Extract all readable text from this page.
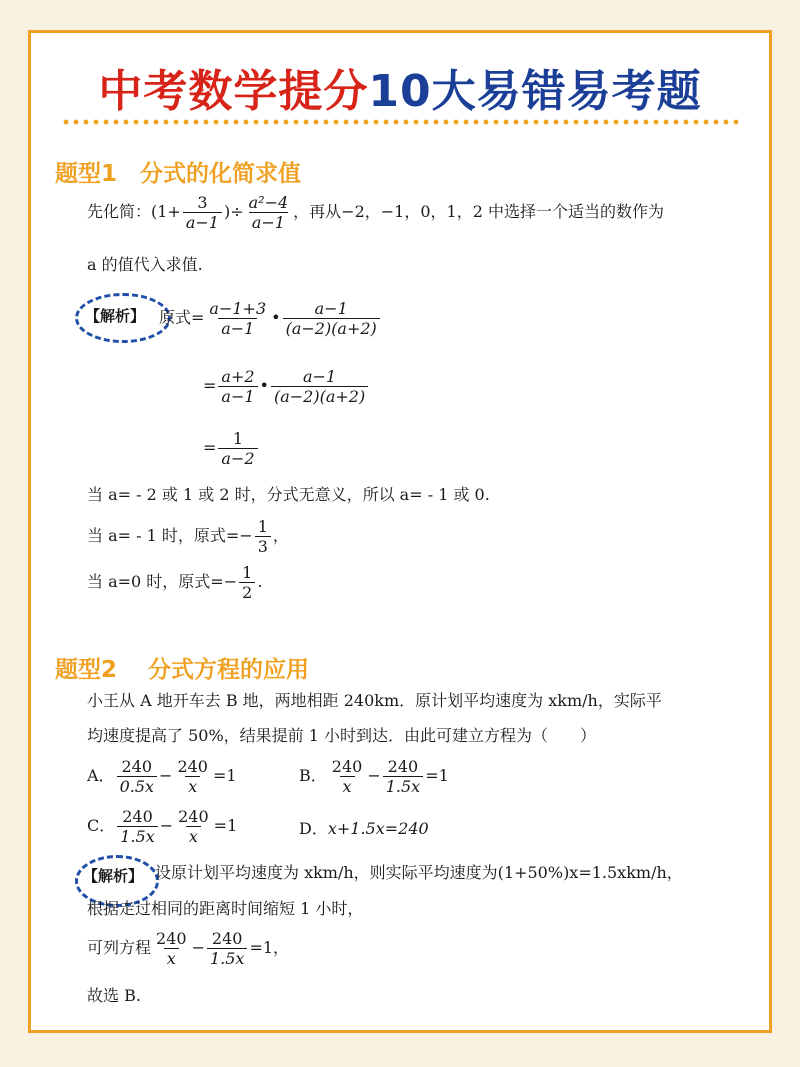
中考数学提分10大易错易考题
题型1　分式的化简求值
先化简：($1+ \frac{3}{a-1}$ )÷ $\frac{\text{a²−4}}{a-1}$ ，再从−2，−1，0，1，2 中选择一个适当的数作为
a 的值代入求值.
【解析】 原式= $\frac{a-1+3}{a-1}$ • $\frac{a-1}{(a-2)(a+2)}$
= $\frac{a+2}{a-1}$ • $\frac{a-1}{(a-2)(a+2)}$
= $\frac{1}{a-2}$
当 a= - 2 或 1 或 2 时，分式无意义，所以 a= - 1 或 0.
当 a= - 1 时，原式=− $\frac{1}{3}$ ，
当 a=0 时，原式=− $\frac{1}{2}$ .
题型2　 分式方程的应用
小王从 A 地开车去 B 地，两地相距 240km．原计划平均速度为 xkm/h，实际平
均速度提高了 50%，结果提前 1 小时到达．由此可建立方程为（　　）
A． $\frac{240}{0.5x} - \frac{240}{x} =1$	B． $\frac{240}{x} - \frac{240}{1.5x} =1$
C． $\frac{240}{1.5x} - \frac{240}{x} =1$	D．x+1.5x=240
【解析】 设原计划平均速度为 xkm/h，则实际平均速度为(1+50%)x=1.5xkm/h，
根据走过相同的距离时间缩短 1 小时，
可列方程 $\frac{240}{x} - \frac{240}{1.5x} =1$，
故选 B.
